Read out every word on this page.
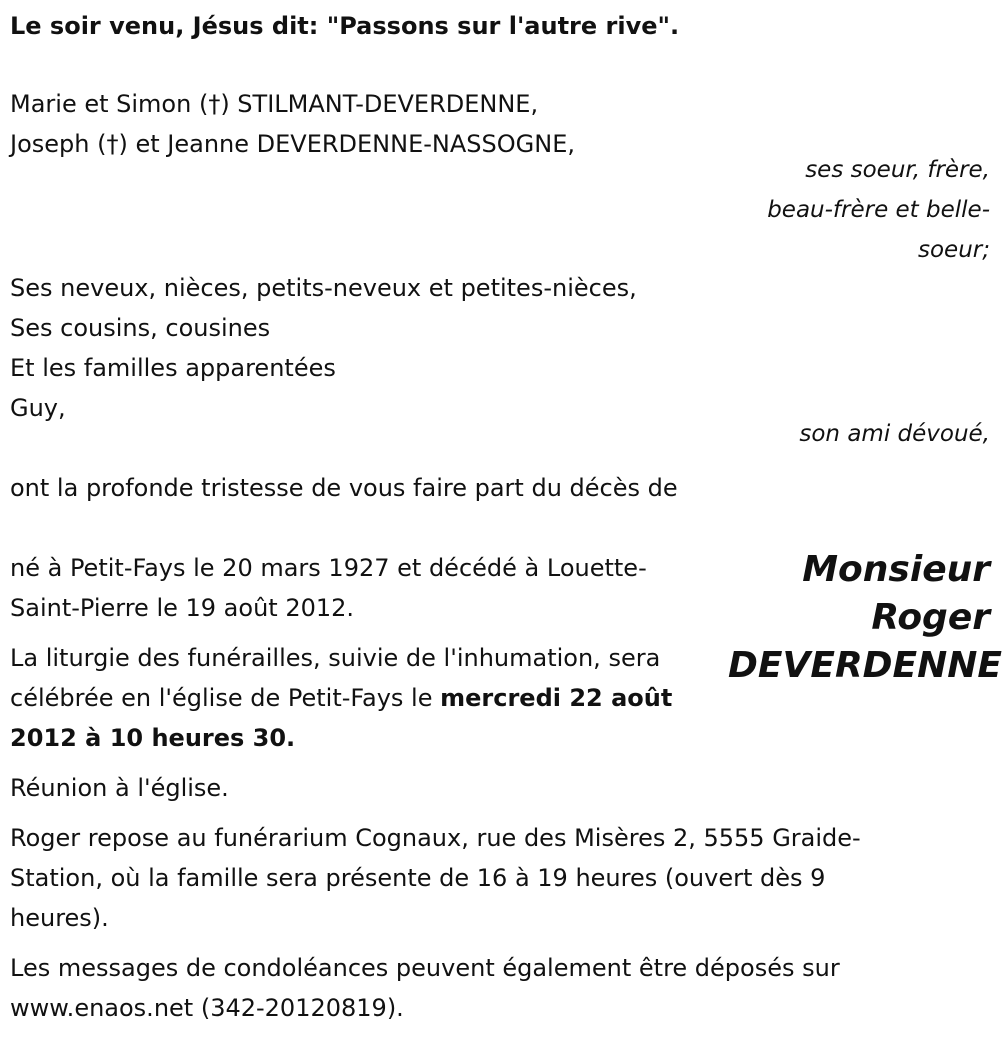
Le soir venu, Jésus dit: "Passons sur l'autre rive".

Marie et Simon (†) STILMANT-DEVERDENNE,

Joseph (†) et Jeanne DEVERDENNE-NASSOGNE,

ses soeur, frère,

beau-frère et belle-

soeur;

Ses neveux, nièces, petits-neveux et petites-nièces,

Ses cousins, cousines

Et les familles apparentées

Guy,

son ami dévoué,

ont la profonde tristesse de vous faire part du décès de

Monsieur

Roger

DEVERDENNE

né à Petit-Fays le 20 mars 1927 et décédé à Louette-

Saint-Pierre le 19 août 2012.

La liturgie des funérailles, suivie de l'inhumation, sera

célébrée en l'église de Petit-Fays le mercredi 22 août

2012 à 10 heures 30.

Réunion à l'église.

Roger repose au funérarium Cognaux, rue des Misères 2, 5555 Graide-

Station, où la famille sera présente de 16 à 19 heures (ouvert dès 9

heures).

Les messages de condoléances peuvent également être déposés sur

www.enaos.net (342-20120819).
